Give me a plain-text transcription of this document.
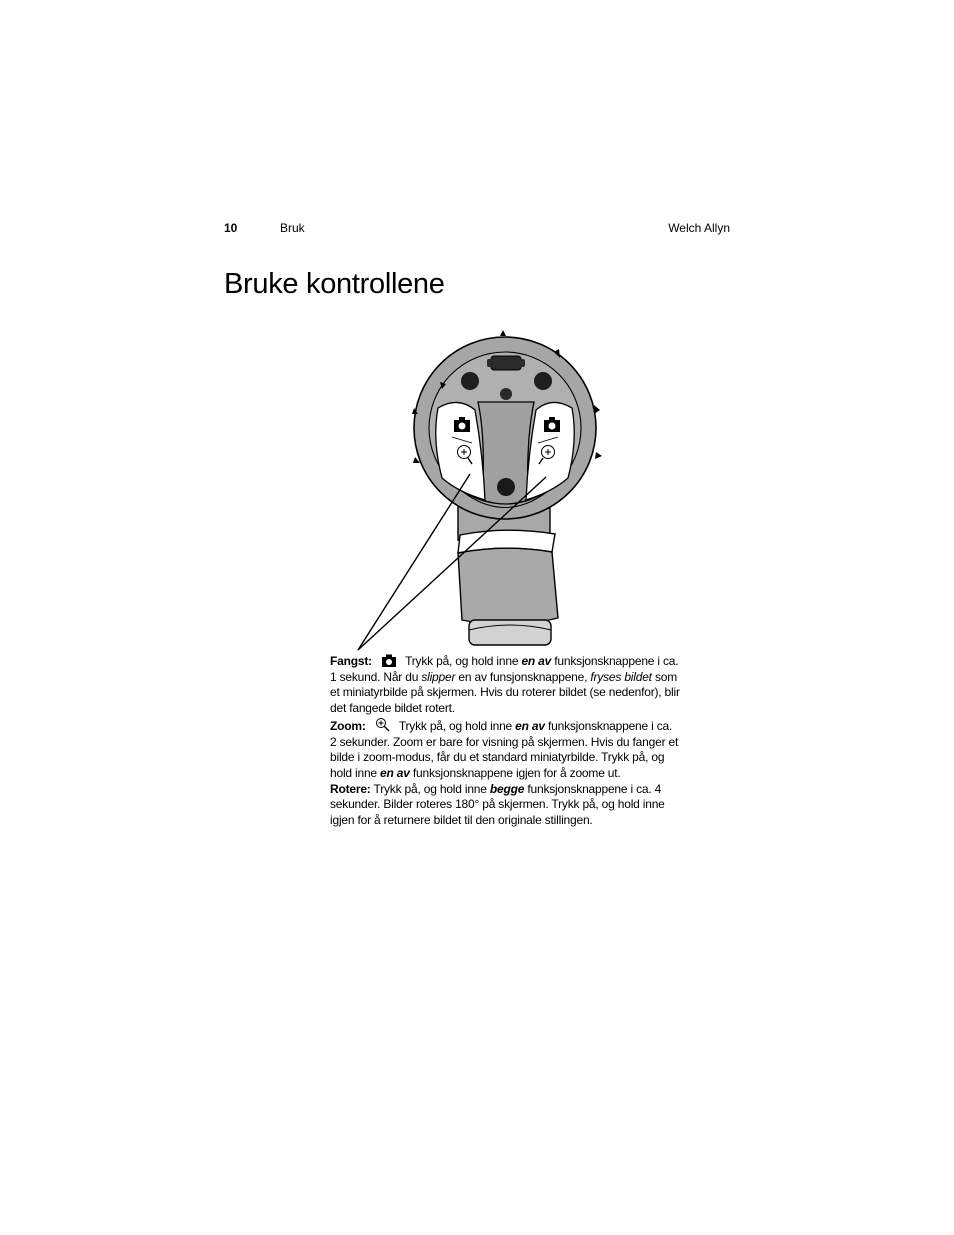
10	Bruk	Welch Allyn
Bruke kontrollene

Fangst:	Trykk på, og hold inne en av funksjonsknappene i ca. 1 sekund. Når du slipper en av funsjonsknappene, fryses bildet som et miniatyrbilde på skjermen. Hvis du roterer bildet (se nedenfor), blir det fangede bildet rotert.

Zoom:	Trykk på, og hold inne en av funksjonsknappene i ca. 2 sekunder. Zoom er bare for visning på skjermen. Hvis du fanger et bilde i zoom-modus, får du et standard miniatyrbilde. Trykk på, og hold inne en av funksjonsknappene igjen for å zoome ut.

Rotere: Trykk på, og hold inne begge funksjonsknappene i ca. 4 sekunder. Bilder roteres 180° på skjermen. Trykk på, og hold inne igjen for å returnere bildet til den originale stillingen.
